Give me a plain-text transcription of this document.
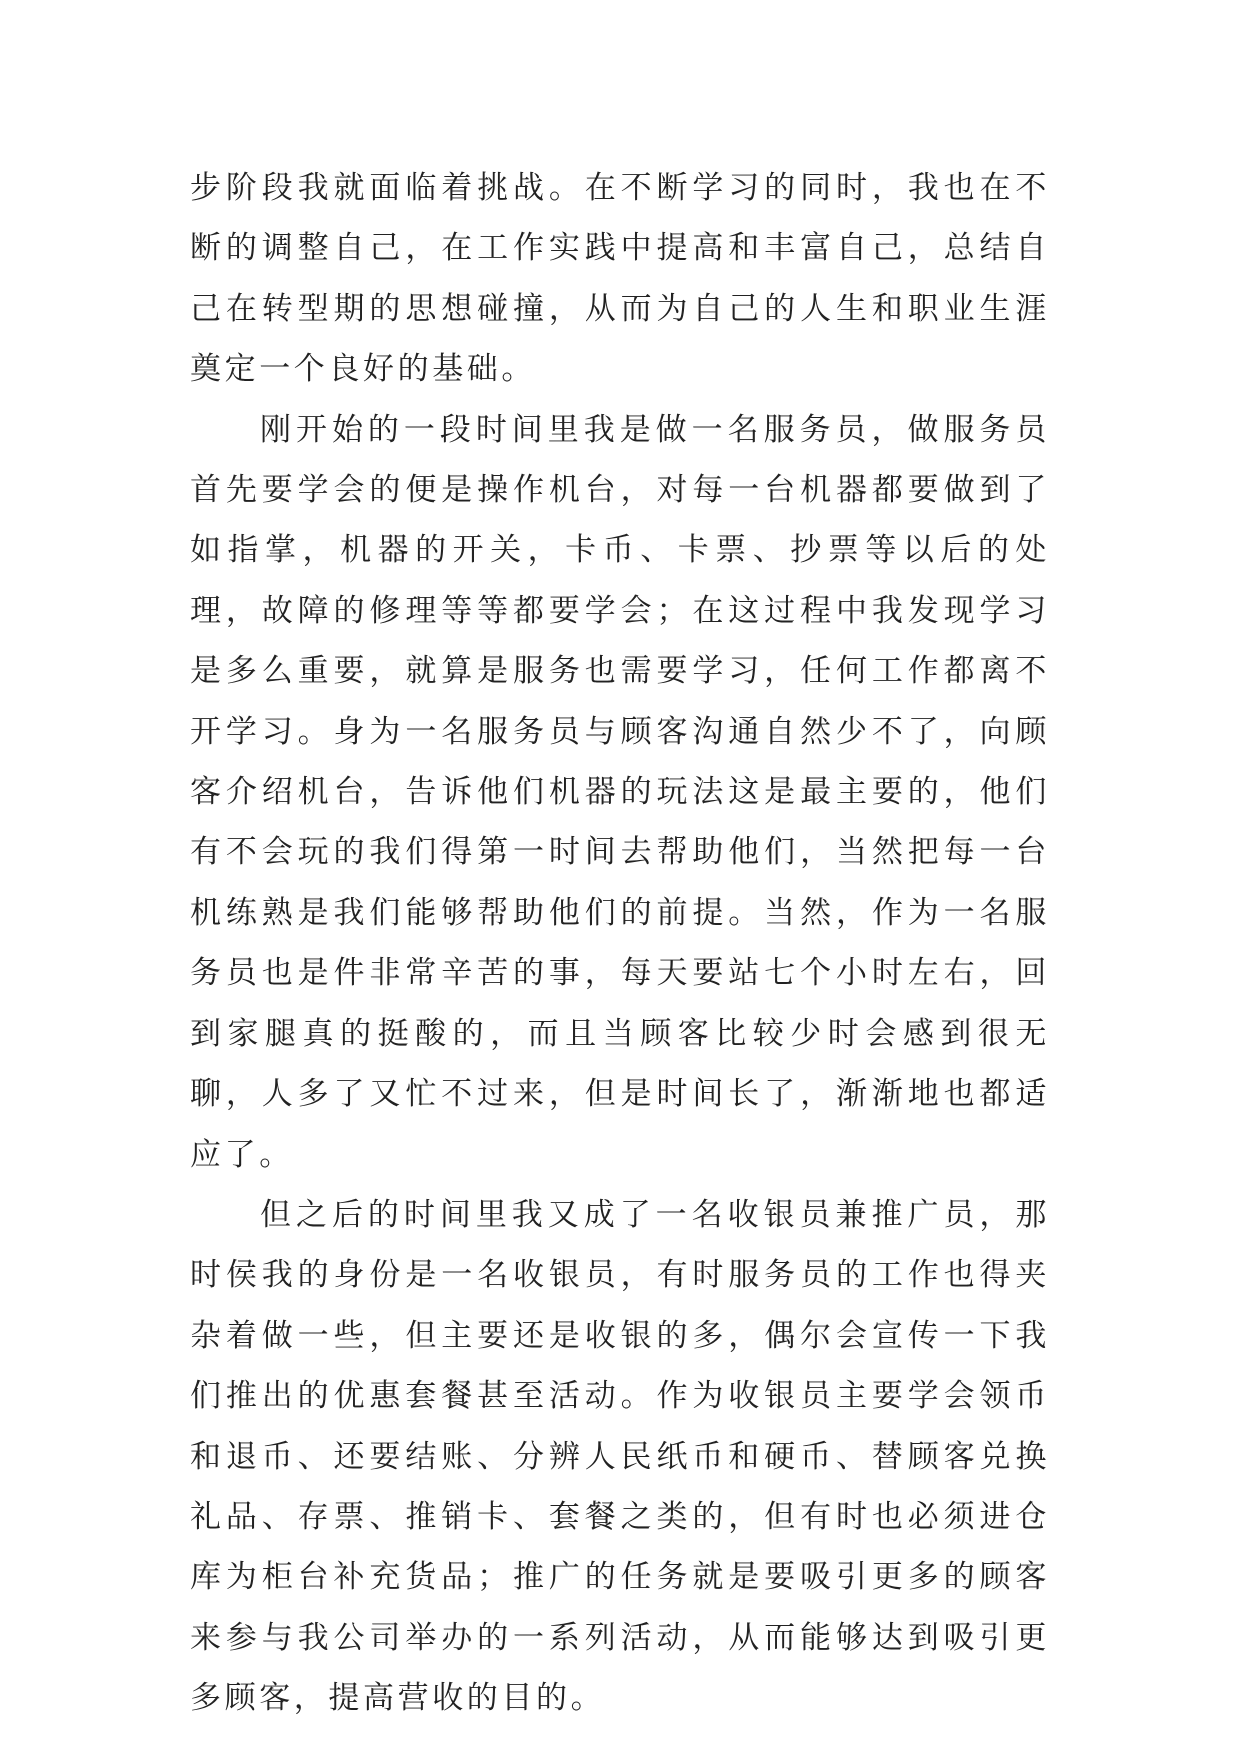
步阶段我就面临着挑战。在不断学习的同时，我也在不断的调整自己，在工作实践中提高和丰富自己，总结自己在转型期的思想碰撞，从而为自己的人生和职业生涯奠定一个良好的基础。

刚开始的一段时间里我是做一名服务员，做服务员首先要学会的便是操作机台，对每一台机器都要做到了如指掌，机器的开关，卡币、卡票、抄票等以后的处理，故障的修理等等都要学会；在这过程中我发现学习是多么重要，就算是服务也需要学习，任何工作都离不开学习。身为一名服务员与顾客沟通自然少不了，向顾客介绍机台，告诉他们机器的玩法这是最主要的，他们有不会玩的我们得第一时间去帮助他们，当然把每一台机练熟是我们能够帮助他们的前提。当然，作为一名服务员也是件非常辛苦的事，每天要站七个小时左右，回到家腿真的挺酸的，而且当顾客比较少时会感到很无聊，人多了又忙不过来，但是时间长了，渐渐地也都适应了。

但之后的时间里我又成了一名收银员兼推广员，那时侯我的身份是一名收银员，有时服务员的工作也得夹杂着做一些，但主要还是收银的多，偶尔会宣传一下我们推出的优惠套餐甚至活动。作为收银员主要学会领币和退币、还要结账、分辨人民纸币和硬币、替顾客兑换礼品、存票、推销卡、套餐之类的，但有时也必须进仓库为柜台补充货品；推广的任务就是要吸引更多的顾客来参与我公司举办的一系列活动，从而能够达到吸引更多顾客，提高营收的目的。
